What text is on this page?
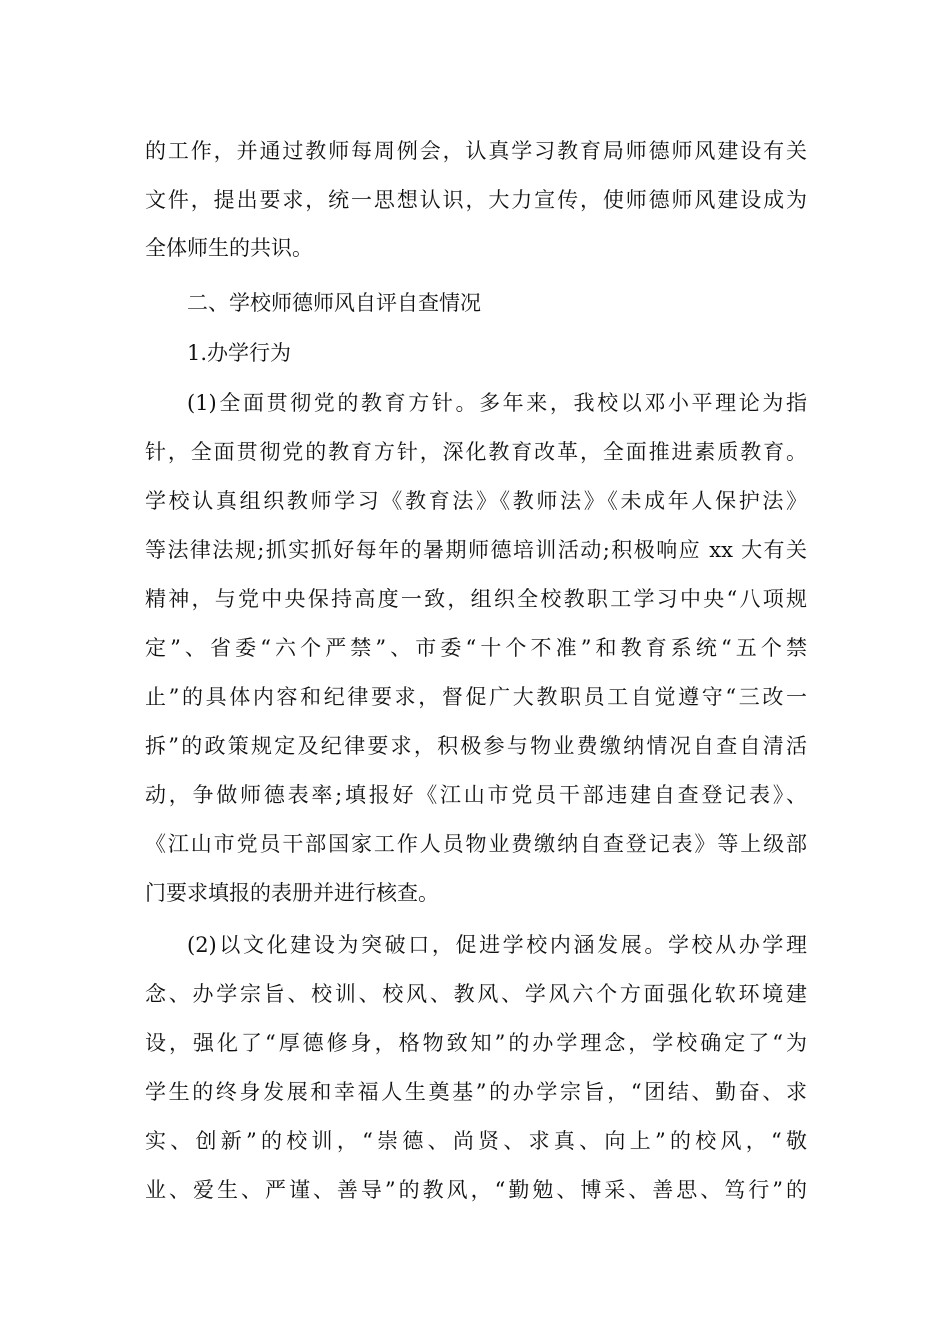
的工作，并通过教师每周例会，认真学习教育局师德师风建设有关
文件，提出要求，统一思想认识，大力宣传，使师德师风建设成为
全体师生的共识。
二、学校师德师风自评自查情况
1.办学行为
(1)全面贯彻党的教育方针。多年来，我校以邓小平理论为指
针，全面贯彻党的教育方针，深化教育改革，全面推进素质教育。
学校认真组织教师学习《教育法》《教师法》《未成年人保护法》
等法律法规;抓实抓好每年的暑期师德培训活动;积极响应 xx 大有关
精神，与党中央保持高度一致，组织全校教职工学习中央“八项规
定”、省委“六个严禁”、市委“十个不准”和教育系统“五个禁
止”的具体内容和纪律要求，督促广大教职员工自觉遵守“三改一
拆”的政策规定及纪律要求，积极参与物业费缴纳情况自查自清活
动，争做师德表率;填报好《江山市党员干部违建自查登记表》、
《江山市党员干部国家工作人员物业费缴纳自查登记表》等上级部
门要求填报的表册并进行核查。
(2)以文化建设为突破口，促进学校内涵发展。学校从办学理
念、办学宗旨、校训、校风、教风、学风六个方面强化软环境建
设，强化了“厚德修身，格物致知”的办学理念，学校确定了“为
学生的终身发展和幸福人生奠基”的办学宗旨，“团结、勤奋、求
实、创新”的校训，“崇德、尚贤、求真、向上”的校风，“敬
业、爱生、严谨、善导”的教风，“勤勉、博采、善思、笃行”的
